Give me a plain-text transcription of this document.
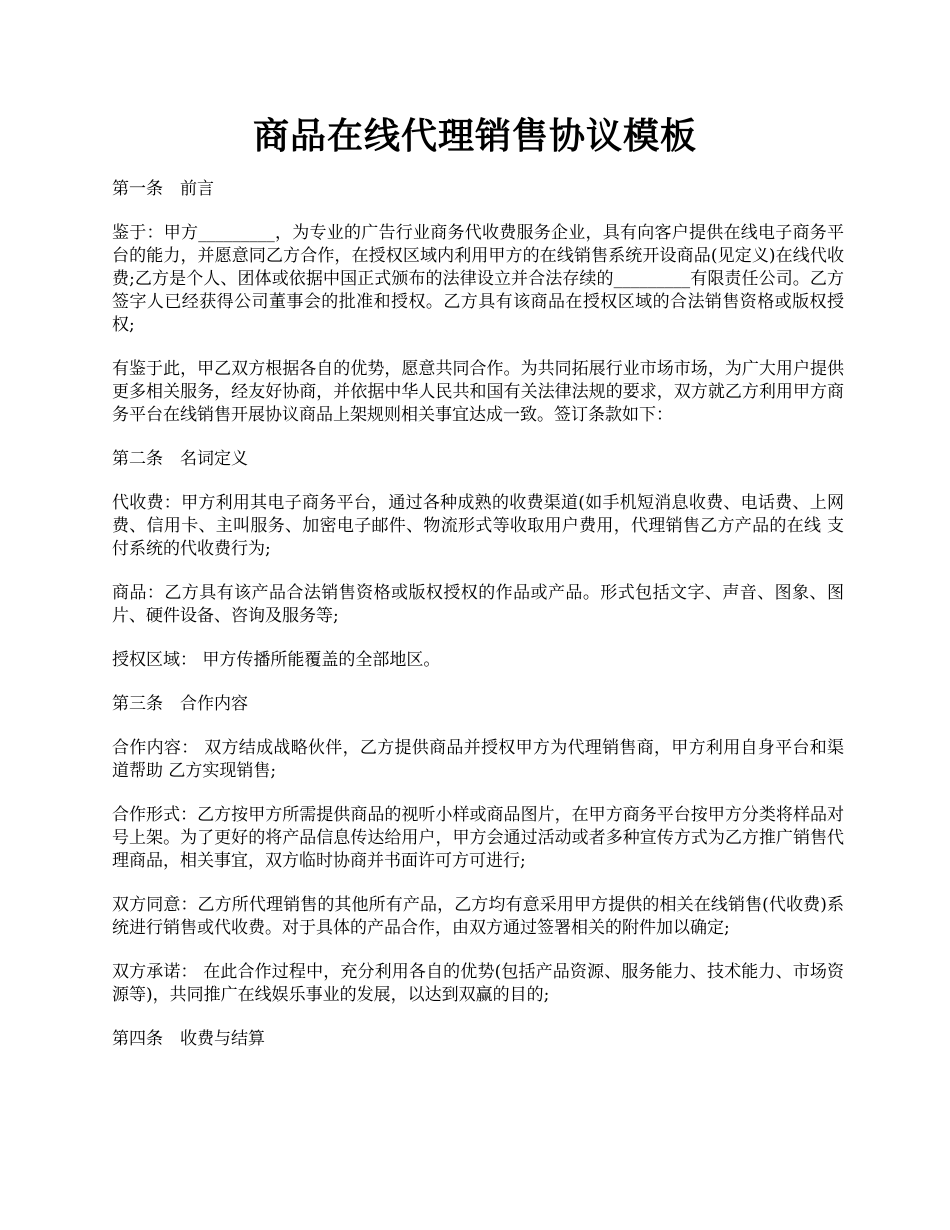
商品在线代理销售协议模板

第一条　前言

鉴于：甲方_________，为专业的广告行业商务代收费服务企业，具有向客户提供在线电子商务平台的能力，并愿意同乙方合作，在授权区域内利用甲方的在线销售系统开设商品(见定义)在线代收费;乙方是个人、团体或依据中国正式颁布的法律设立并合法存续的_________有限责任公司。乙方签字人已经获得公司董事会的批准和授权。乙方具有该商品在授权区域的合法销售资格或版权授权;

有鉴于此，甲乙双方根据各自的优势，愿意共同合作。为共同拓展行业市场市场，为广大用户提供更多相关服务，经友好协商，并依据中华人民共和国有关法律法规的要求，双方就乙方利用甲方商务平台在线销售开展协议商品上架规则相关事宜达成一致。签订条款如下：

第二条　名词定义

代收费：甲方利用其电子商务平台，通过各种成熟的收费渠道(如手机短消息收费、电话费、上网费、信用卡、主叫服务、加密电子邮件、物流形式等收取用户费用，代理销售乙方产品的在线 支付系统的代收费行为;

商品：乙方具有该产品合法销售资格或版权授权的作品或产品。形式包括文字、声音、图象、图片、硬件设备、咨询及服务等;

授权区域： 甲方传播所能覆盖的全部地区。

第三条　合作内容

合作内容： 双方结成战略伙伴，乙方提供商品并授权甲方为代理销售商，甲方利用自身平台和渠道帮助 乙方实现销售;

合作形式：乙方按甲方所需提供商品的视听小样或商品图片，在甲方商务平台按甲方分类将样品对号上架。为了更好的将产品信息传达给用户，甲方会通过活动或者多种宣传方式为乙方推广销售代 理商品，相关事宜，双方临时协商并书面许可方可进行;

双方同意：乙方所代理销售的其他所有产品，乙方均有意采用甲方提供的相关在线销售(代收费)系统进行销售或代收费。对于具体的产品合作，由双方通过签署相关的附件加以确定;

双方承诺： 在此合作过程中，充分利用各自的优势(包括产品资源、服务能力、技术能力、市场资源等)，共同推广在线娱乐事业的发展，以达到双赢的目的;

第四条　收费与结算
